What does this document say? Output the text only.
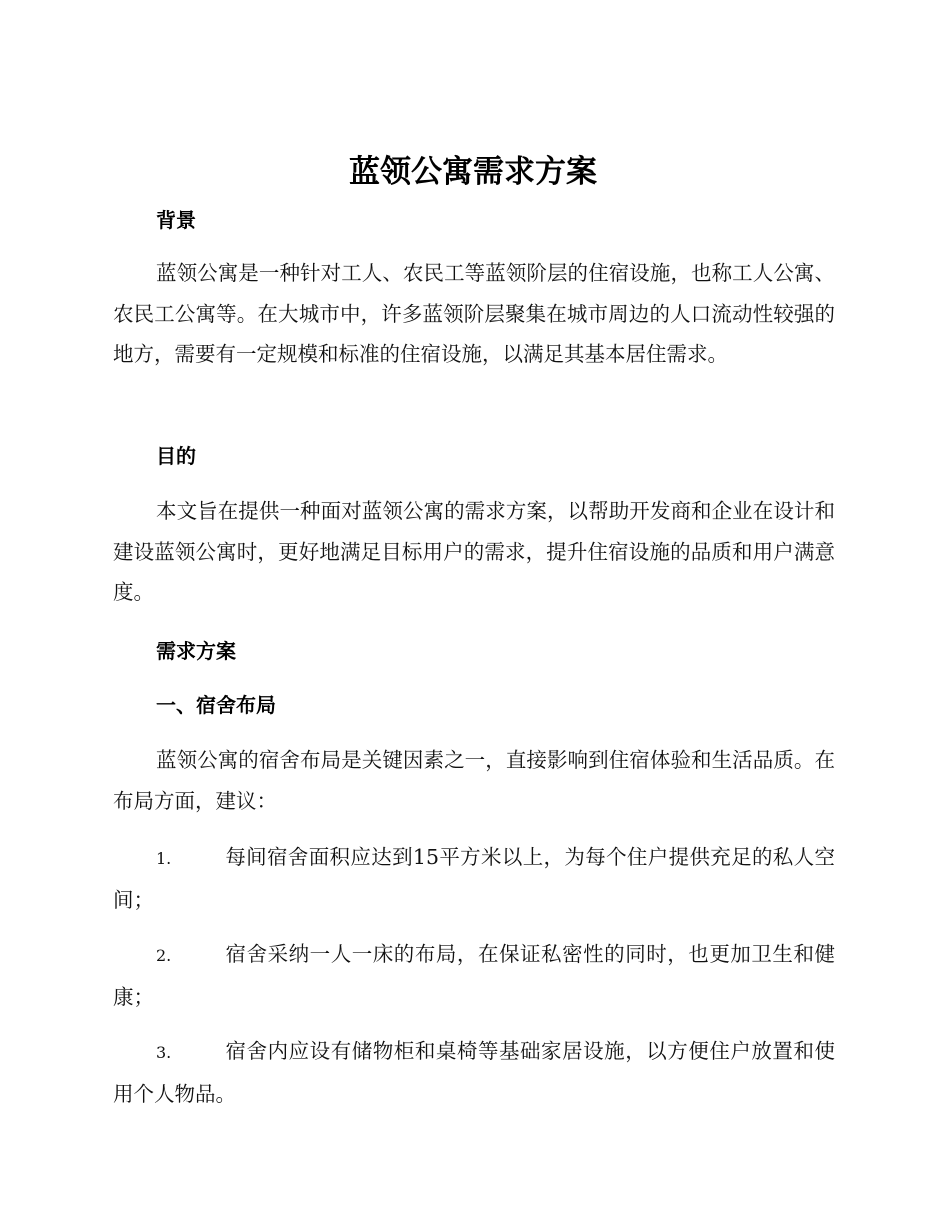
蓝领公寓需求方案
背景

蓝领公寓是一种针对工人、农民工等蓝领阶层的住宿设施，也称工人公寓、农民工公寓等。在大城市中，许多蓝领阶层聚集在城市周边的人口流动性较强的地方，需要有一定规模和标准的住宿设施，以满足其基本居住需求。

目的

本文旨在提供一种面对蓝领公寓的需求方案，以帮助开发商和企业在设计和建设蓝领公寓时，更好地满足目标用户的需求，提升住宿设施的品质和用户满意度。

需求方案
一、宿舍布局

蓝领公寓的宿舍布局是关键因素之一，直接影响到住宿体验和生活品质。在布局方面，建议：

1.	每间宿舍面积应达到15平方米以上，为每个住户提供充足的私人空间；

2.	宿舍采纳一人一床的布局，在保证私密性的同时，也更加卫生和健康；

3.	宿舍内应设有储物柜和桌椅等基础家居设施，以方便住户放置和使用个人物品。
